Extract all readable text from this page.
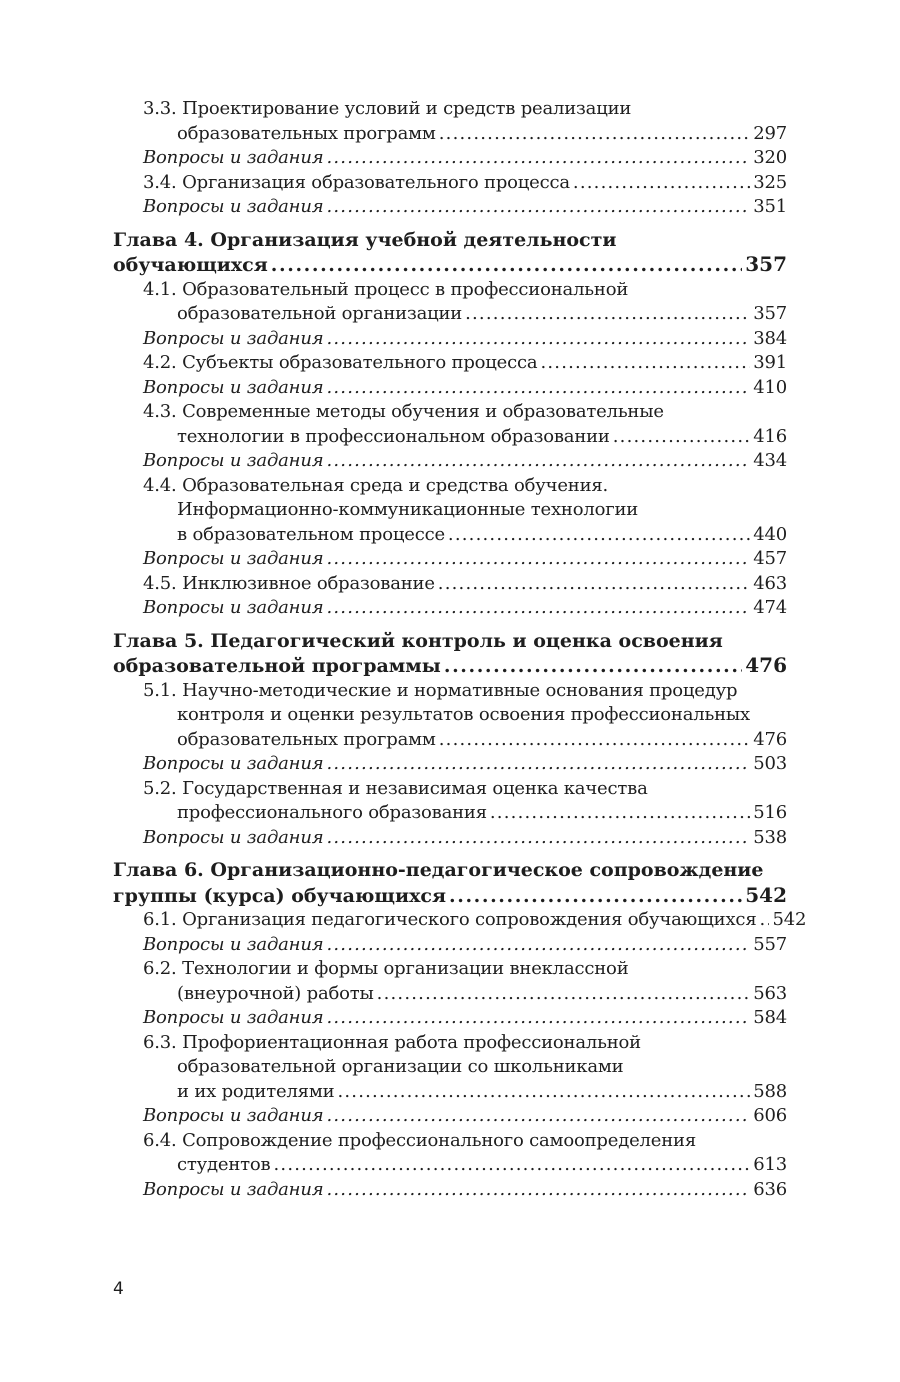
3.3. Проектирование условий и средств реализации
образовательных программ .....	297
Вопросы и задания .....	320
3.4. Организация образовательного процесса .....	325
Вопросы и задания .....	351
Глава 4. Организация учебной деятельности
обучающихся .....	357
4.1. Образовательный процесс в профессиональной
образовательной организации .....	357
Вопросы и задания .....	384
4.2. Субъекты образовательного процесса .....	391
Вопросы и задания .....	410
4.3. Современные методы обучения и образовательные
технологии в профессиональном образовании .....	416
Вопросы и задания .....	434
4.4. Образовательная среда и средства обучения.
Информационно-коммуникационные технологии
в образовательном процессе .....	440
Вопросы и задания .....	457
4.5. Инклюзивное образование .....	463
Вопросы и задания .....	474
Глава 5. Педагогический контроль и оценка освоения
образовательной программы .....	476
5.1. Научно-методические и нормативные основания процедур
контроля и оценки результатов освоения профессиональных
образовательных программ .....	476
Вопросы и задания .....	503
5.2. Государственная и независимая оценка качества
профессионального образования .....	516
Вопросы и задания .....	538
Глава 6. Организационно-педагогическое сопровождение
группы (курса) обучающихся .....	542
6.1. Организация педагогического сопровождения обучающихся ..... 542
Вопросы и задания .....	557
6.2. Технологии и формы организации внеклассной
(внеурочной) работы .....	563
Вопросы и задания .....	584
6.3. Профориентационная работа профессиональной
образовательной организации со школьниками
и их родителями .....	588
Вопросы и задания .....	606
6.4. Сопровождение профессионального самоопределения
студентов .....	613
Вопросы и задания .....	636
4
